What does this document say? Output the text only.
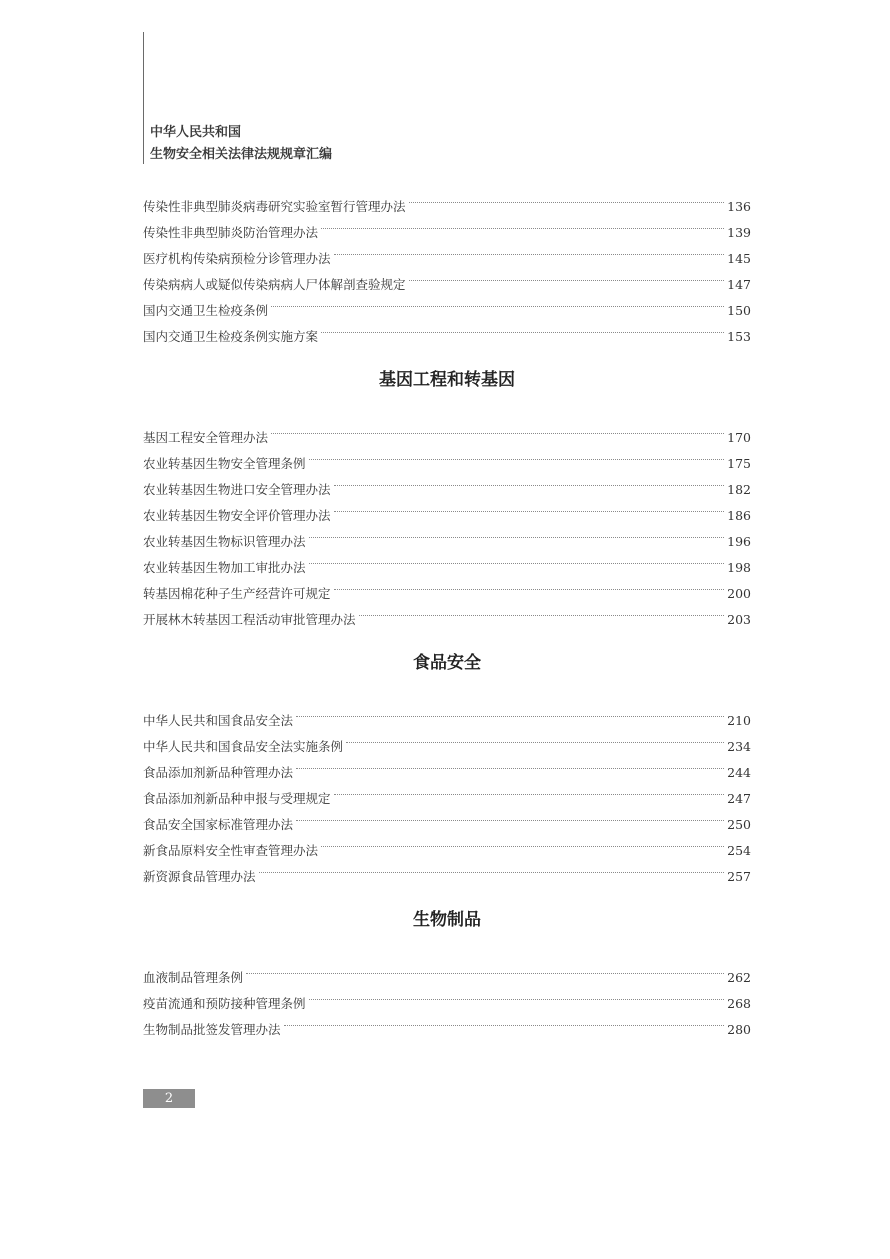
中华人民共和国
生物安全相关法律法规规章汇编
传染性非典型肺炎病毒研究实验室暂行管理办法	136
传染性非典型肺炎防治管理办法	139
医疗机构传染病预检分诊管理办法	145
传染病病人或疑似传染病病人尸体解剖查验规定	147
国内交通卫生检疫条例	150
国内交通卫生检疫条例实施方案	153
基因工程和转基因
基因工程安全管理办法	170
农业转基因生物安全管理条例	175
农业转基因生物进口安全管理办法	182
农业转基因生物安全评价管理办法	186
农业转基因生物标识管理办法	196
农业转基因生物加工审批办法	198
转基因棉花种子生产经营许可规定	200
开展林木转基因工程活动审批管理办法	203
食品安全
中华人民共和国食品安全法	210
中华人民共和国食品安全法实施条例	234
食品添加剂新品种管理办法	244
食品添加剂新品种申报与受理规定	247
食品安全国家标准管理办法	250
新食品原料安全性审查管理办法	254
新资源食品管理办法	257
生物制品
血液制品管理条例	262
疫苗流通和预防接种管理条例	268
生物制品批签发管理办法	280
2
